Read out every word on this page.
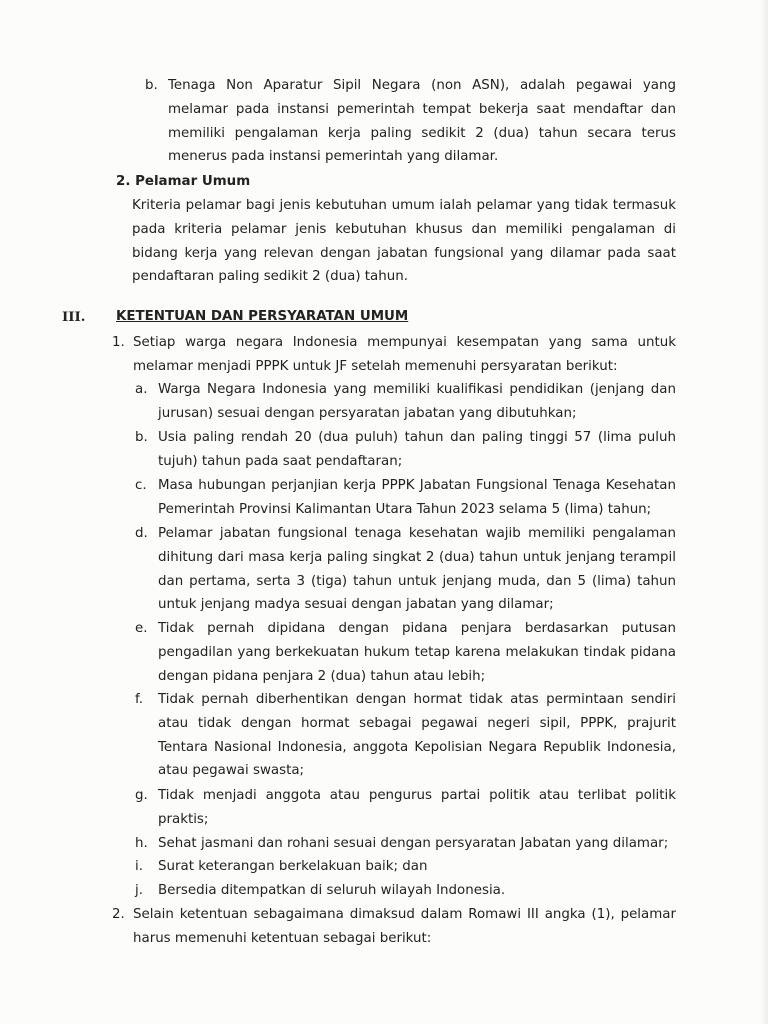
b. Tenaga Non Aparatur Sipil Negara (non ASN), adalah pegawai yang melamar pada instansi pemerintah tempat bekerja saat mendaftar dan memiliki pengalaman kerja paling sedikit 2 (dua) tahun secara terus menerus pada instansi pemerintah yang dilamar.
2. Pelamar Umum
Kriteria pelamar bagi jenis kebutuhan umum ialah pelamar yang tidak termasuk pada kriteria pelamar jenis kebutuhan khusus dan memiliki pengalaman di bidang kerja yang relevan dengan jabatan fungsional yang dilamar pada saat pendaftaran paling sedikit 2 (dua) tahun.
III. KETENTUAN DAN PERSYARATAN UMUM
1. Setiap warga negara Indonesia mempunyai kesempatan yang sama untuk melamar menjadi PPPK untuk JF setelah memenuhi persyaratan berikut:
a. Warga Negara Indonesia yang memiliki kualifikasi pendidikan (jenjang dan jurusan) sesuai dengan persyaratan jabatan yang dibutuhkan;
b. Usia paling rendah 20 (dua puluh) tahun dan paling tinggi 57 (lima puluh tujuh) tahun pada saat pendaftaran;
c. Masa hubungan perjanjian kerja PPPK Jabatan Fungsional Tenaga Kesehatan Pemerintah Provinsi Kalimantan Utara Tahun 2023 selama 5 (lima) tahun;
d. Pelamar jabatan fungsional tenaga kesehatan wajib memiliki pengalaman dihitung dari masa kerja paling singkat 2 (dua) tahun untuk jenjang terampil dan pertama, serta 3 (tiga) tahun untuk jenjang muda, dan 5 (lima) tahun untuk jenjang madya sesuai dengan jabatan yang dilamar;
e. Tidak pernah dipidana dengan pidana penjara berdasarkan putusan pengadilan yang berkekuatan hukum tetap karena melakukan tindak pidana dengan pidana penjara 2 (dua) tahun atau lebih;
f.	Tidak pernah diberhentikan dengan hormat tidak atas permintaan sendiri atau tidak dengan hormat sebagai pegawai negeri sipil, PPPK, prajurit Tentara Nasional Indonesia, anggota Kepolisian Negara Republik Indonesia, atau pegawai swasta;
g. Tidak menjadi anggota atau pengurus partai politik atau terlibat politik praktis;
h. Sehat jasmani dan rohani sesuai dengan persyaratan Jabatan yang dilamar;
i.	Surat keterangan berkelakuan baik; dan
j.	Bersedia ditempatkan di seluruh wilayah Indonesia.
2. Selain ketentuan sebagaimana dimaksud dalam Romawi III angka (1), pelamar harus memenuhi ketentuan sebagai berikut:
